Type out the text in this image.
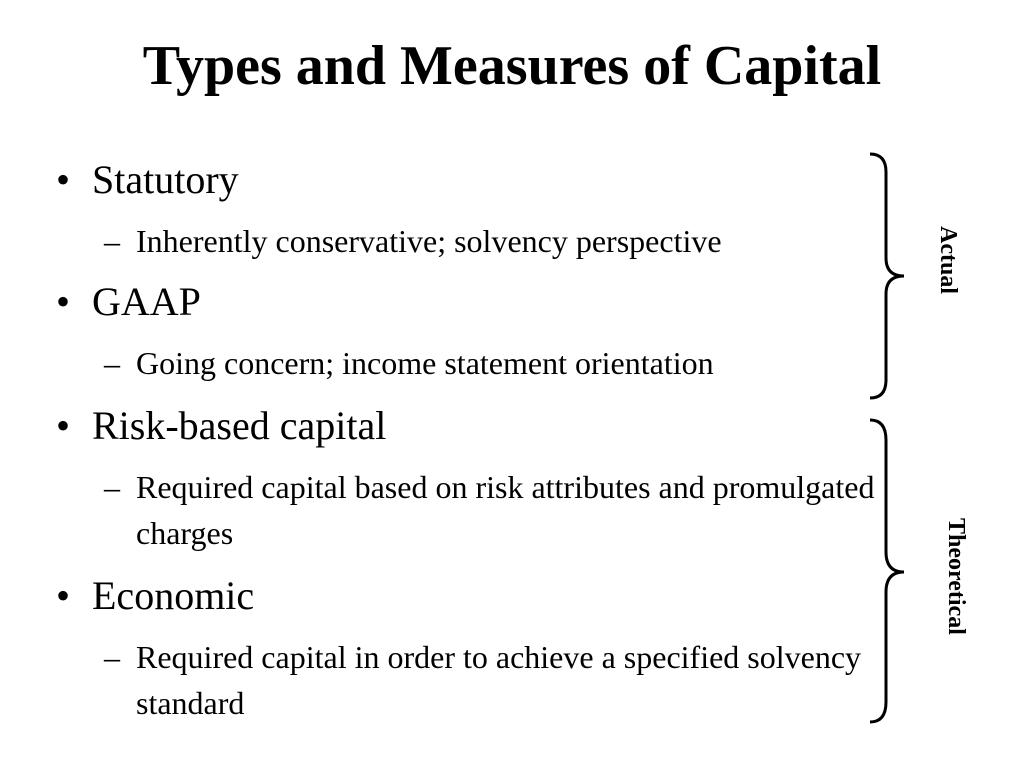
Types and Measures of Capital
• Statutory
– Inherently conservative; solvency perspective
• GAAP
– Going concern; income statement orientation
• Risk-based capital
– Required capital based on risk attributes and promulgated charges
• Economic
– Required capital in order to achieve a specified solvency standard
Actual
Theoretical
